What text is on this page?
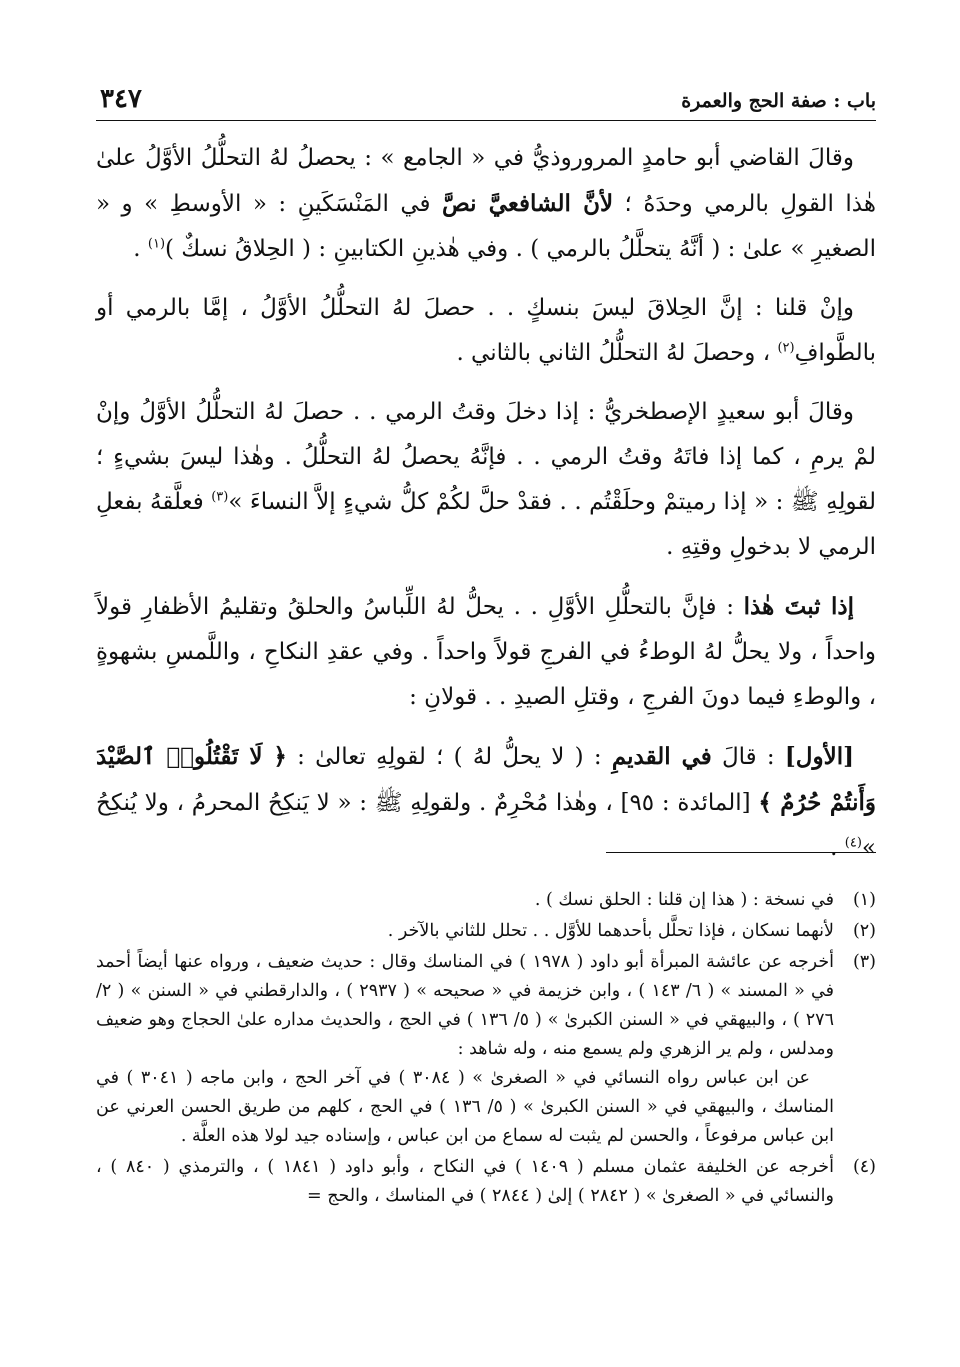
باب : صفة الحج والعمرة
٣٤٧

وقالَ القاضي أبو حامدٍ المروروذيُّ في « الجامع » : يحصلُ لهُ التحلُّلُ الأوَّلُ علىٰ هٰذا القولِ بالرمي وحدَهُ ؛ لأنَّ الشافعيَّ نصَّ في المَنْسَكَينِ : « الأوسطِ » و « الصغيرِ » علىٰ : ( أنَّهُ يتحلَّلُ بالرمي ) . وفي هٰذينِ الكتابينِ : ( الحِلاقُ نسكٌ )$^{(١)}$ .

وإنْ قلنا : إنَّ الحِلاقَ ليسَ بنسكٍ . . حصلَ لهُ التحلُّلُ الأوَّلُ ، إمَّا بالرمي أو بالطَّوافِ$^{(٢)}$ ، وحصلَ لهُ التحلُّلُ الثاني بالثاني .

وقالَ أبو سعيدٍ الإصطخريُّ : إذا دخلَ وقتُ الرمي . . حصلَ لهُ التحلُّلُ الأوَّلُ وإنْ لمْ يرمِ ، كما إذا فاتَهُ وقتُ الرمي . . فإنَّهُ يحصلُ لهُ التحلُّلُ . وهٰذا ليسَ بشيءٍ ؛ لقولِهِ ﷺ : « إذا رميتمْ وحلَقْتُم . . فقدْ حلَّ لكُمْ كلُّ شيءٍ إلاَّ النساءَ »$^{(٣)}$ فعلَّقهُ بفعلِ الرمي لا بدخولِ وقتِهِ .

إذا ثبتَ هٰذا : فإنَّ بالتحلُّلِ الأوَّلِ . . يحلُّ لهُ اللِّباسُ والحلقُ وتقليمُ الأظفارِ قولاً واحداً ، ولا يحلُّ لهُ الوطءُ في الفرجِ قولاً واحداً . وفي عقدِ النكاحِ ، واللَّمسِ بشهوةٍ ، والوطءِ فيما دونَ الفرجِ ، وقتلِ الصيدِ . . قولانِ :

[الأول] : قالَ في القديمِ : ( لا يحلُّ لهُ ) ؛ لقولِهِ تعالىٰ : ﴿ لَا تَقْتُلُوا۟ ٱلصَّيْدَ وَأَنتُمْ حُرُمٌ ﴾ [المائدة : ٩٥] ، وهٰذا مُحْرِمٌ . ولقولِهِ ﷺ : « لا يَنكِحُ المحرمُ ، ولا يُنكِحُ »$^{(٤)}$ .

(١)
في نسخة : ( هذا إن قلنا : الحلق نسك ) .
(٢)
لأنهما نسكان ، فإذا تحلَّل بأحدهما للأوَّل . . تحلل للثاني بالآخر .
(٣)
أخرجه عن عائشة المبرأة أبو داود ( ١٩٧٨ ) في المناسك وقال : حديث ضعيف ، ورواه عنها أيضاً أحمد في « المسند » ( ٦/ ١٤٣ ) ، وابن خزيمة في « صحيحه » ( ٢٩٣٧ ) ، والدارقطني في « السنن » ( ٢/ ٢٧٦ ) ، والبيهقي في « السنن الكبرىٰ » ( ٥/ ١٣٦ ) في الحج ، والحديث مداره علىٰ الحجاج وهو ضعيف ومدلس ، ولم ير الزهري ولم يسمع منه ، وله شاهد :
عن ابن عباس رواه النسائي في « الصغرىٰ » ( ٣٠٨٤ ) في آخر الحج ، وابن ماجه ( ٣٠٤١ ) في المناسك ، والبيهقي في « السنن الكبرىٰ » ( ٥/ ١٣٦ ) في الحج ، كلهم من طريق الحسن العرني عن ابن عباس مرفوعاً ، والحسن لم يثبت له سماع من ابن عباس ، وإسناده جيد لولا هذه العلَّة .
(٤)
أخرجه عن الخليفة عثمان مسلم ( ١٤٠٩ ) في النكاح ، وأبو داود ( ١٨٤١ ) ، والترمذي ( ٨٤٠ ) ، والنسائي في « الصغرىٰ » ( ٢٨٤٢ ) إلىٰ ( ٢٨٤٤ ) في المناسك ، والحج =
